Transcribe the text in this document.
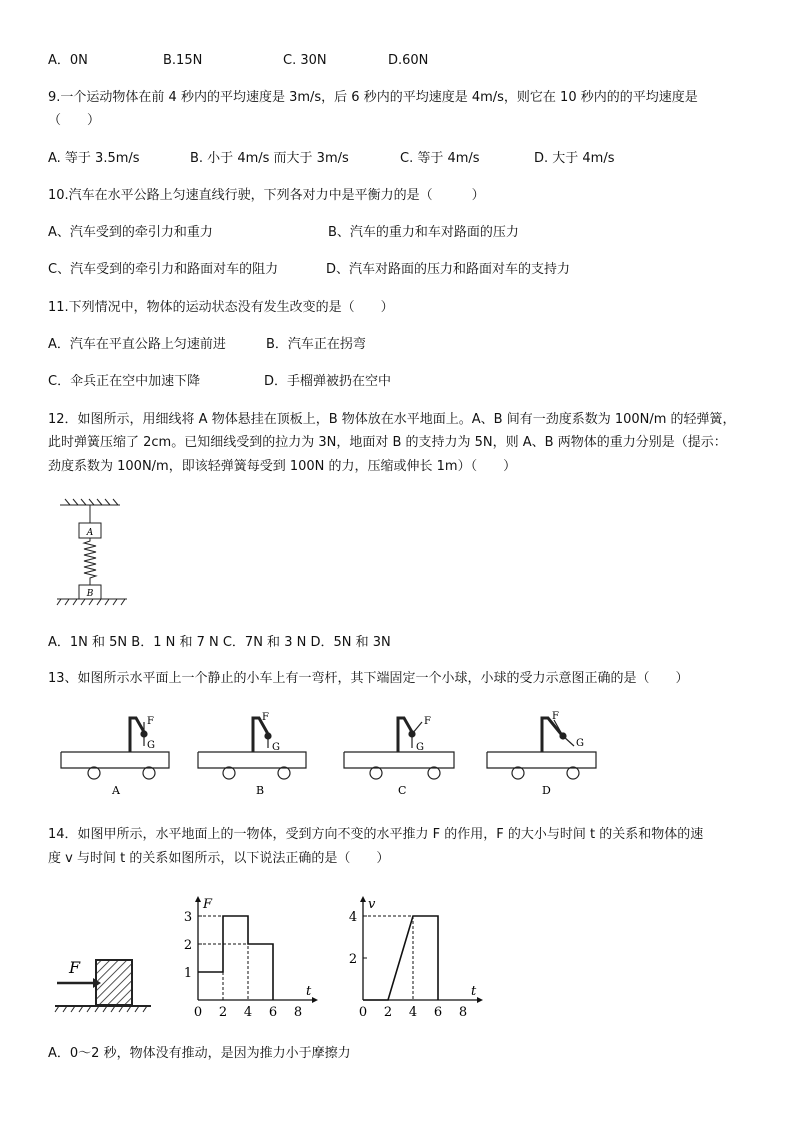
A．0N	B.15N	C. 30N	D.60N
9.一个运动物体在前 4 秒内的平均速度是 3m/s，后 6 秒内的平均速度是 4m/s，则它在 10 秒内的的平均速度是
（　　）
A. 等于 3.5m/s	B. 小于 4m/s 而大于 3m/s	C. 等于 4m/s	D. 大于 4m/s
10.汽车在水平公路上匀速直线行驶，下列各对力中是平衡力的是（　　　）
A、汽车受到的牵引力和重力	B、汽车的重力和车对路面的压力
C、汽车受到的牵引力和路面对车的阻力	D、汽车对路面的压力和路面对车的支持力
11.下列情况中，物体的运动状态没有发生改变的是（　　）
A．汽车在平直公路上匀速前进	B．汽车正在拐弯
C．伞兵正在空中加速下降	D．手榴弹被扔在空中
12．如图所示，用细线将 A 物体悬挂在顶板上，B 物体放在水平地面上。A、B 间有一劲度系数为 100N/m 的轻弹簧，
此时弹簧压缩了 2cm。已知细线受到的拉力为 3N，地面对 B 的支持力为 5N，则 A、B 两物体的重力分别是（提示：
劲度系数为 100N/m，即该轻弹簧每受到 100N 的力，压缩或伸长 1m）（　　）
A
B
A．1N 和 5N B．1 N 和 7 N C．7N 和 3 N D．5N 和 3N
13、如图所示水平面上一个静止的小车上有一弯杆，其下端固定一个小球，小球的受力示意图正确的是（　　）
F
G
A
F
G
B
F
G
C
F
G
D
14．如图甲所示，水平地面上的一物体，受到方向不变的水平推力 F 的作用，F 的大小与时间 t 的关系和物体的速
度 v 与时间 t 的关系如图所示，以下说法正确的是（　　）
F
t
F
0 2 4 6 8
1
2
3
t
v
0 2 4 6 8
2
4
A．0～2 秒，物体没有推动，是因为推力小于摩擦力
